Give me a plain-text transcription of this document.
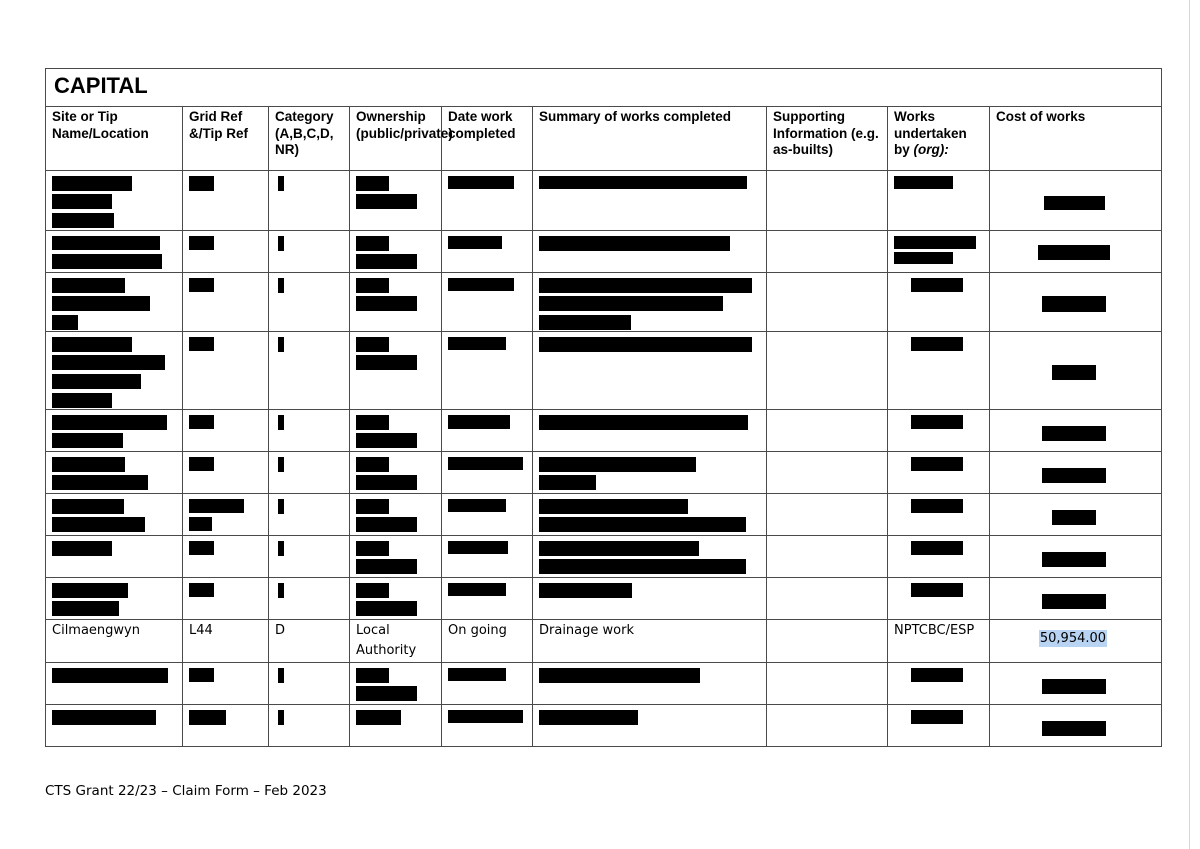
CAPITAL								
Site or Tip Name/Location	Grid Ref &/Tip Ref	Category (A,B,C,D, NR)	Ownership (public/private)	Date work completed	Summary of works completed	Supporting Information (e.g. as-builts)	Works undertaken by (org):	Cost of works

Cilmaengwyn	L44	D	Local Authority	On going	Drainage work		NPTCBC/ESP	50,954.00

CTS Grant 22/23 – Claim Form – Feb 2023
